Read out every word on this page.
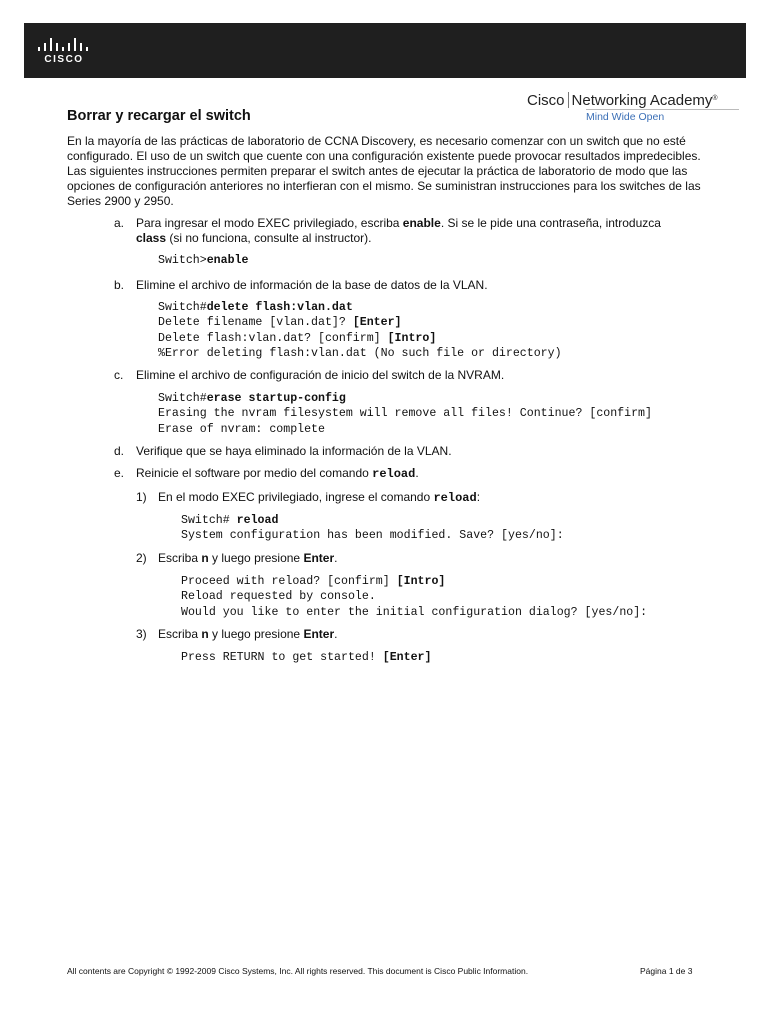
CISCO
Borrar y recargar el switch
Cisco Networking Academy®
Mind Wide Open
En la mayoría de las prácticas de laboratorio de CCNA Discovery, es necesario comenzar con un switch que no esté configurado. El uso de un switch que cuente con una configuración existente puede provocar resultados impredecibles. Las siguientes instrucciones permiten preparar el switch antes de ejecutar la práctica de laboratorio de modo que las opciones de configuración anteriores no interfieran con el mismo. Se suministran instrucciones para los switches de las Series 2900 y 2950.
a. Para ingresar el modo EXEC privilegiado, escriba enable. Si se le pide una contraseña, introduzca
class (si no funciona, consulte al instructor).
Switch>enable
b. Elimine el archivo de información de la base de datos de la VLAN.
Switch#delete flash:vlan.dat
Delete filename [vlan.dat]? [Enter]
Delete flash:vlan.dat? [confirm] [Intro]
%Error deleting flash:vlan.dat (No such file or directory)
c. Elimine el archivo de configuración de inicio del switch de la NVRAM.
Switch#erase startup-config
Erasing the nvram filesystem will remove all files! Continue? [confirm]
Erase of nvram: complete
d. Verifique que se haya eliminado la información de la VLAN.
e. Reinicie el software por medio del comando reload.
1) En el modo EXEC privilegiado, ingrese el comando reload:
Switch# reload
System configuration has been modified. Save? [yes/no]:
2) Escriba n y luego presione Enter.
Proceed with reload? [confirm] [Intro]
Reload requested by console.
Would you like to enter the initial configuration dialog? [yes/no]:
3) Escriba n y luego presione Enter.
Press RETURN to get started! [Enter]
All contents are Copyright © 1992-2009 Cisco Systems, Inc. All rights reserved. This document is Cisco Public Information.	Página 1 de 3
